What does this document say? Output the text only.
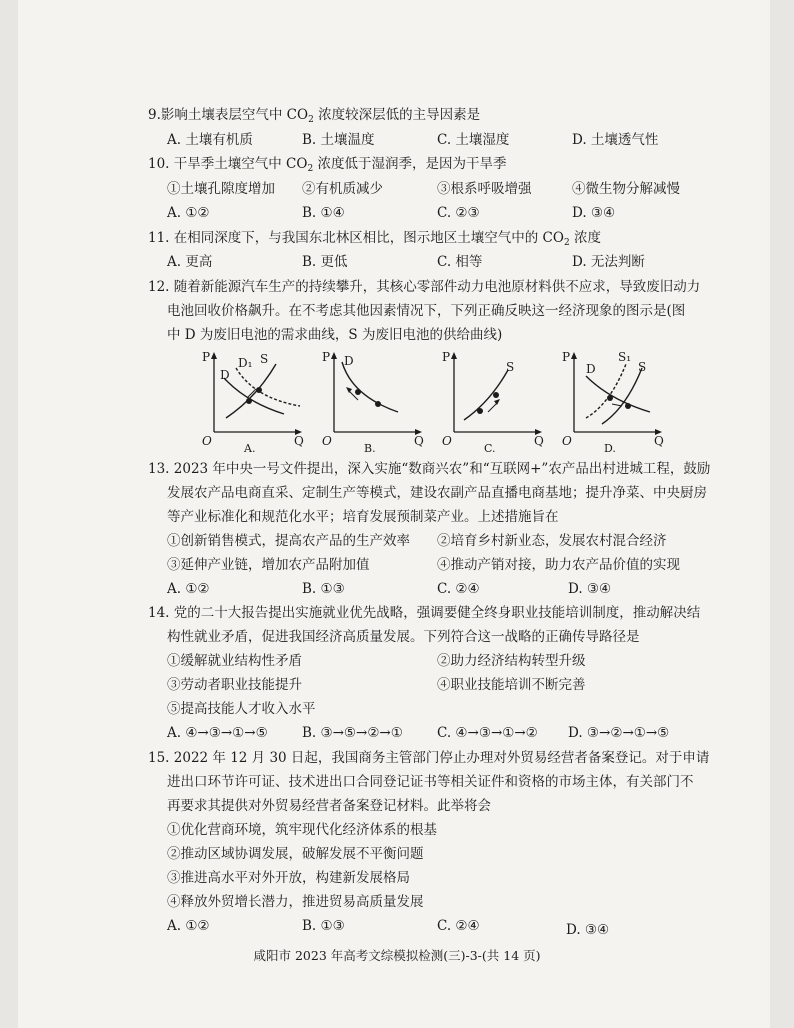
9.影响土壤表层空气中 $CO_2$ 浓度较深层低的主导因素是
A. 土壤有机质	B. 土壤温度	C. 土壤湿度	D. 土壤透气性
10. 干旱季土壤空气中 $CO_2$ 浓度低于湿润季，是因为干旱季
①土壤孔隙度增加 ②有机质减少	③根系呼吸增强	④微生物分解减慢
A. ①②	B. ①④	C. ②③	D. ③④
11. 在相同深度下，与我国东北林区相比，图示地区土壤空气中的 $CO_2$ 浓度
A. 更高	B. 更低	C. 相等	D. 无法判断
12. 随着新能源汽车生产的持续攀升，其核心零部件动力电池原材料供不应求，导致废旧动力
电池回收价格飙升。在不考虑其他因素情况下，下列正确反映这一经济现象的图示是(图
中 D 为废旧电池的需求曲线，S 为废旧电池的供给曲线)
P
O	Q
D
D₁ S
A.
P
O	Q
D
B.
P
O	Q
S
C.
P
O	Q
D
S₁
S
D.
13. 2023 年中央一号文件提出，深入实施“数商兴农”和“互联网+”农产品出村进城工程，鼓励
发展农产品电商直采、定制生产等模式，建设农副产品直播电商基地；提升净菜、中央厨房
等产业标准化和规范化水平；培育发展预制菜产业。上述措施旨在
①创新销售模式，提高农产品的生产效率 ②培育乡村新业态，发展农村混合经济
③延伸产业链，增加农产品附加值	④推动产销对接，助力农产品价值的实现
A. ①②	B. ①③	C. ②④	D. ③④
14. 党的二十大报告提出实施就业优先战略，强调要健全终身职业技能培训制度，推动解决结
构性就业矛盾，促进我国经济高质量发展。下列符合这一战略的正确传导路径是
①缓解就业结构性矛盾	②助力经济结构转型升级
③劳动者职业技能提升	④职业技能培训不断完善
⑤提高技能人才收入水平
A. ④→③→①→⑤	B. ③→⑤→②→①	C. ④→③→①→② D. ③→②→①→⑤
15. 2022 年 12 月 30 日起，我国商务主管部门停止办理对外贸易经营者备案登记。对于申请
进出口环节许可证、技术进出口合同登记证书等相关证件和资格的市场主体，有关部门不
再要求其提供对外贸易经营者备案登记材料。此举将会
①优化营商环境，筑牢现代化经济体系的根基
②推动区域协调发展，破解发展不平衡问题
③推进高水平对外开放，构建新发展格局
④释放外贸增长潜力，推进贸易高质量发展
A. ①②	B. ①③	C. ②④	D. ③④
咸阳市 2023 年高考文综模拟检测(三)-3-(共 14 页)
